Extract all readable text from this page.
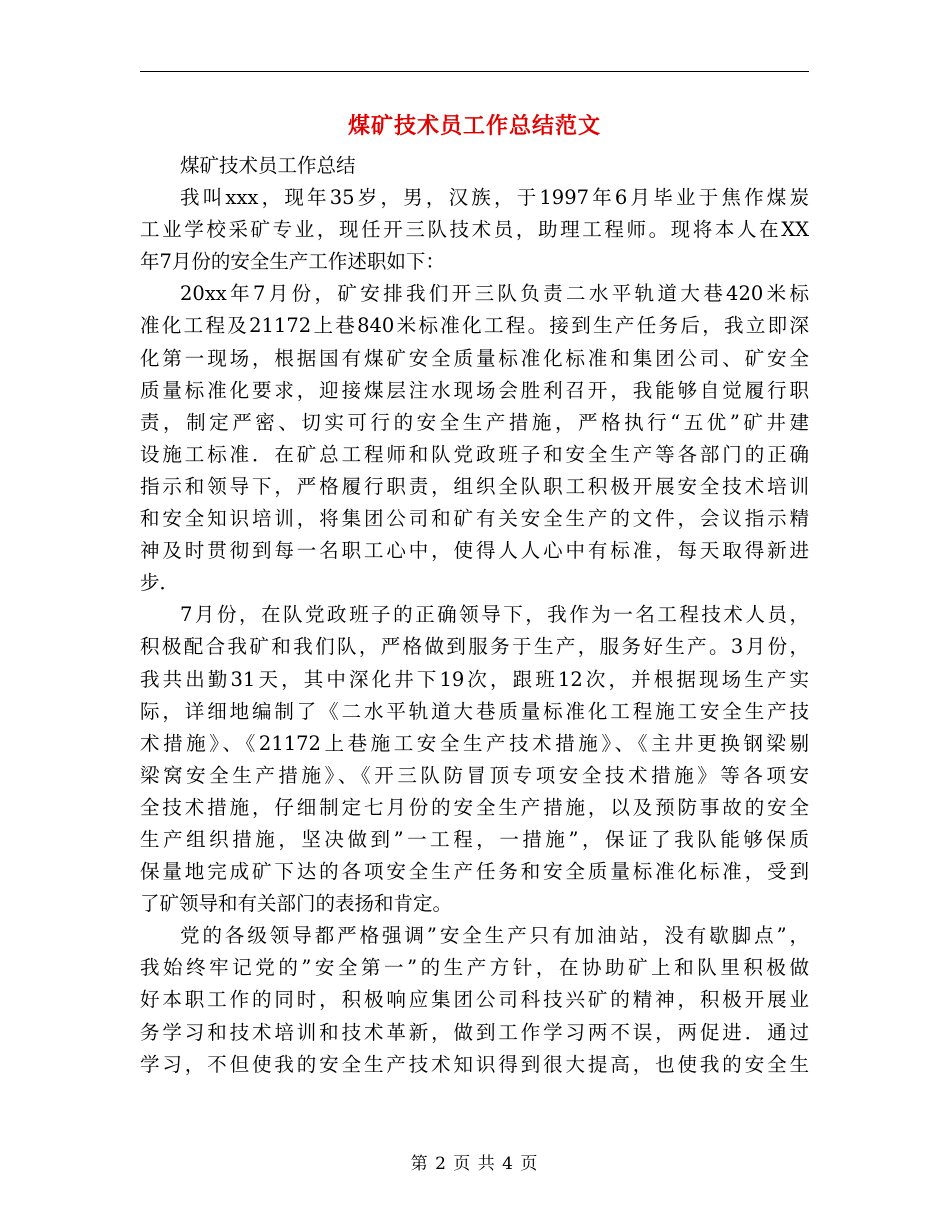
煤矿技术员工作总结范文
煤矿技术员工作总结
我叫xxx，现年35岁，男，汉族，于1997年6月毕业于焦作煤炭
工业学校采矿专业，现任开三队技术员，助理工程师。现将本人在XX
年7月份的安全生产工作述职如下：
20xx年7月份，矿安排我们开三队负责二水平轨道大巷420米标
准化工程及21172上巷840米标准化工程。接到生产任务后，我立即深
化第一现场，根据国有煤矿安全质量标准化标准和集团公司、矿安全
质量标准化要求，迎接煤层注水现场会胜利召开，我能够自觉履行职
责，制定严密、切实可行的安全生产措施，严格执行“五优”矿井建
设施工标准．在矿总工程师和队党政班子和安全生产等各部门的正确
指示和领导下，严格履行职责，组织全队职工积极开展安全技术培训
和安全知识培训，将集团公司和矿有关安全生产的文件，会议指示精
神及时贯彻到每一名职工心中，使得人人心中有标准，每天取得新进
步．
7月份，在队党政班子的正确领导下，我作为一名工程技术人员，
积极配合我矿和我们队，严格做到服务于生产，服务好生产。3月份，
我共出勤31天，其中深化井下19次，跟班12次，并根据现场生产实
际，详细地编制了《二水平轨道大巷质量标准化工程施工安全生产技
术措施》、《21172上巷施工安全生产技术措施》、《主井更换钢梁剔
梁窝安全生产措施》、《开三队防冒顶专项安全技术措施》等各项安
全技术措施，仔细制定七月份的安全生产措施，以及预防事故的安全
生产组织措施，坚决做到”一工程，一措施”，保证了我队能够保质
保量地完成矿下达的各项安全生产任务和安全质量标准化标准，受到
了矿领导和有关部门的表扬和肯定。
党的各级领导都严格强调”安全生产只有加油站，没有歇脚点”，
我始终牢记党的”安全第一”的生产方针，在协助矿上和队里积极做
好本职工作的同时，积极响应集团公司科技兴矿的精神，积极开展业
务学习和技术培训和技术革新，做到工作学习两不误，两促进．通过
学习，不但使我的安全生产技术知识得到很大提高，也使我的安全生
第 2 页 共 4 页
